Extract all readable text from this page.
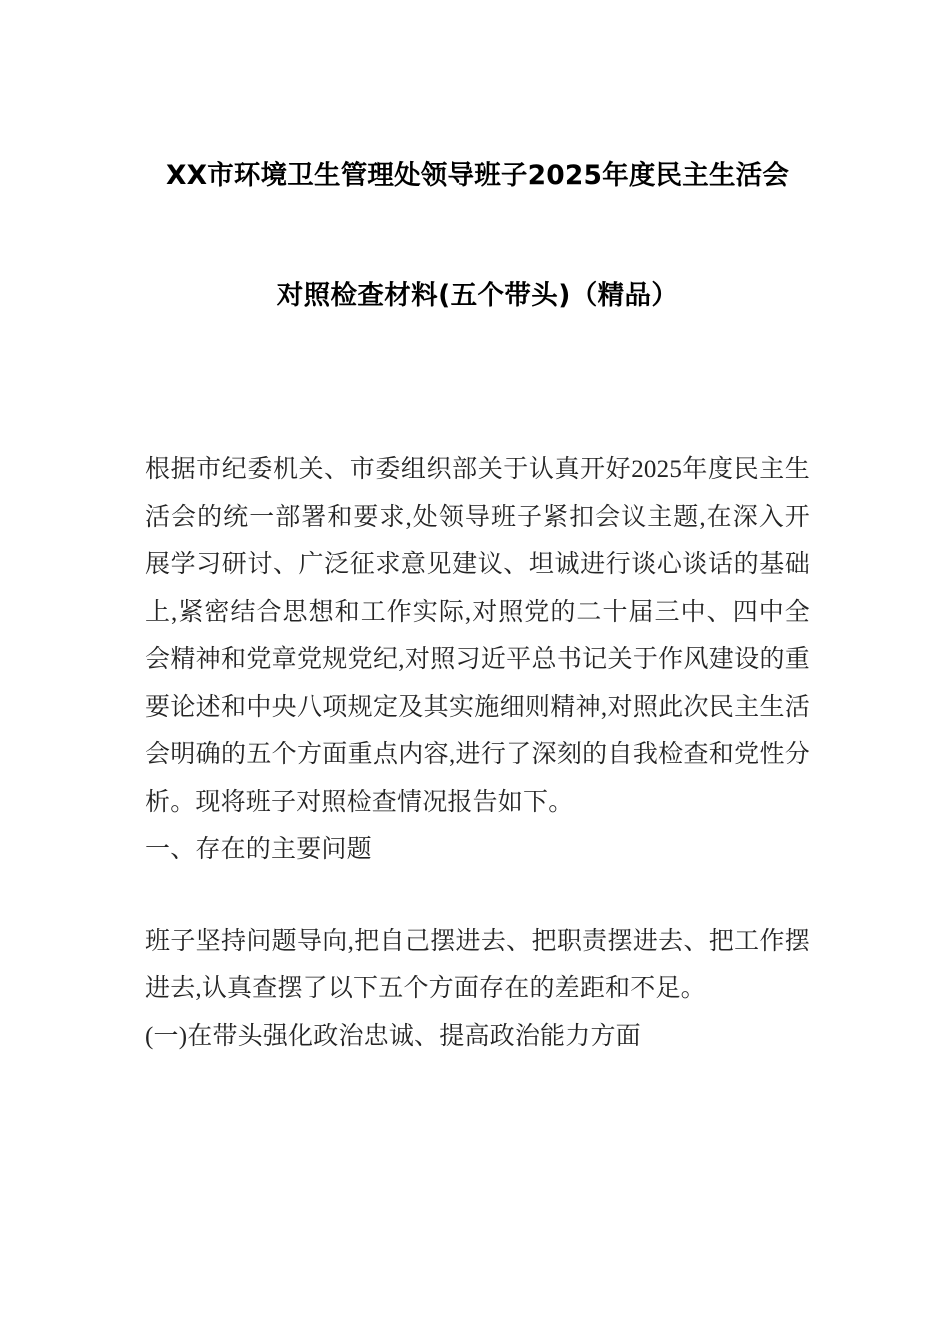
XX市环境卫生管理处领导班子2025年度民主生活会
对照检查材料(五个带头)（精品）

根据市纪委机关、市委组织部关于认真开好2025年度民主生活会的统一部署和要求,处领导班子紧扣会议主题,在深入开展学习研讨、广泛征求意见建议、坦诚进行谈心谈话的基础上,紧密结合思想和工作实际,对照党的二十届三中、四中全会精神和党章党规党纪,对照习近平总书记关于作风建设的重要论述和中央八项规定及其实施细则精神,对照此次民主生活会明确的五个方面重点内容,进行了深刻的自我检查和党性分析。现将班子对照检查情况报告如下。

一、存在的主要问题

班子坚持问题导向,把自己摆进去、把职责摆进去、把工作摆进去,认真查摆了以下五个方面存在的差距和不足。

(一)在带头强化政治忠诚、提高政治能力方面
